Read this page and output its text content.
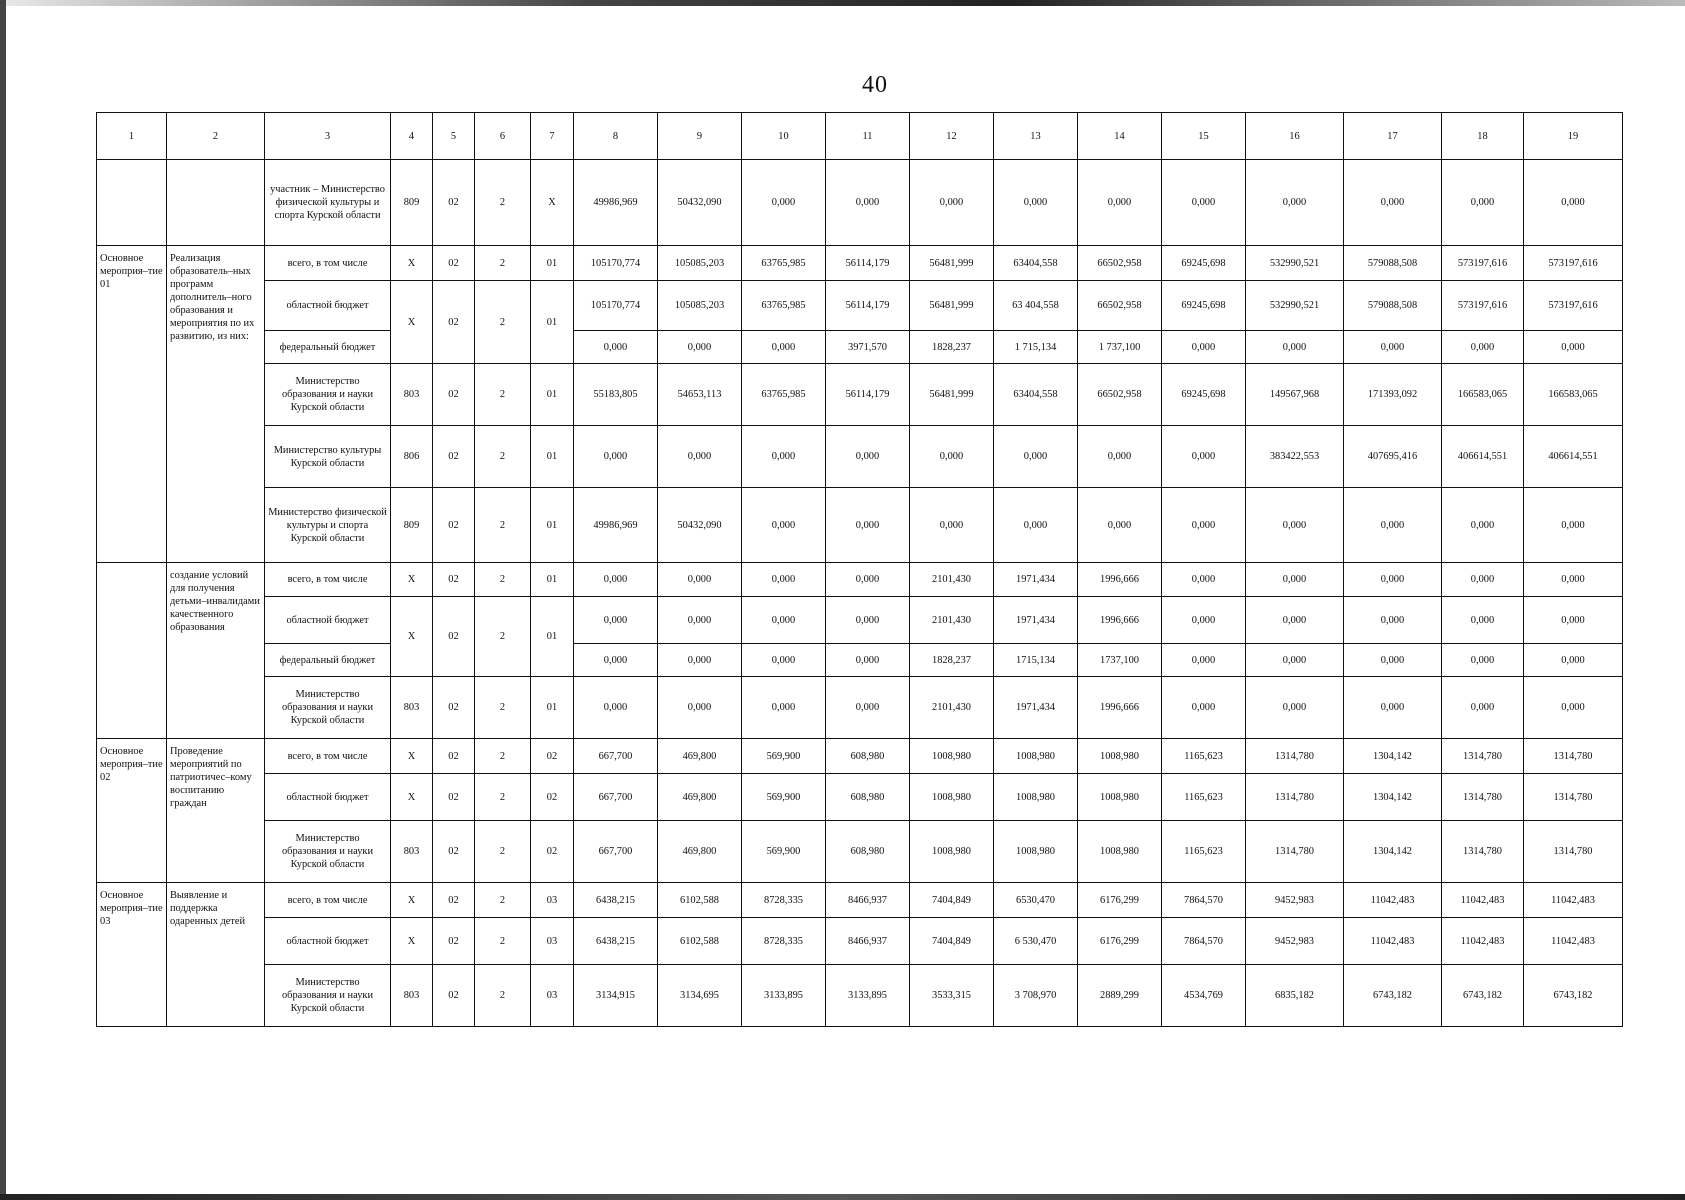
40
1	2	3	4	5	6	7	8	9	10	11	12	13	14	15	16	17	18	19
		участник – Министерство физической культуры и спорта Курской области	809	02	2	X	49986,969	50432,090	0,000	0,000	0,000	0,000	0,000	0,000	0,000	0,000	0,000	0,000
Основное мероприя–тие 01	Реализация образователь–ных программ дополнитель–ного образования и мероприятия по их развитию, из них:	всего, в том числе	X	02	2	01	105170,774	105085,203	63765,985	56114,179	56481,999	63404,558	66502,958	69245,698	532990,521	579088,508	573197,616	573197,616
		областной бюджет	X	02	2	01	105170,774	105085,203	63765,985	56114,179	56481,999	63 404,558	66502,958	69245,698	532990,521	579088,508	573197,616	573197,616
		федеральный бюджет					0,000	0,000	0,000	3971,570	1828,237	1 715,134	1 737,100	0,000	0,000	0,000	0,000	0,000
		Министерство образования и науки Курской области	803	02	2	01	55183,805	54653,113	63765,985	56114,179	56481,999	63404,558	66502,958	69245,698	149567,968	171393,092	166583,065	166583,065
		Министерство культуры Курской области	806	02	2	01	0,000	0,000	0,000	0,000	0,000	0,000	0,000	0,000	383422,553	407695,416	406614,551	406614,551
		Министерство физической культуры и спорта Курской области	809	02	2	01	49986,969	50432,090	0,000	0,000	0,000	0,000	0,000	0,000	0,000	0,000	0,000	0,000
	создание условий для получения детьми–инвалидами качественного образования	всего, в том числе	X	02	2	01	0,000	0,000	0,000	0,000	2101,430	1971,434	1996,666	0,000	0,000	0,000	0,000	0,000
		областной бюджет	X	02	2	01	0,000	0,000	0,000	0,000	2101,430	1971,434	1996,666	0,000	0,000	0,000	0,000	0,000
		федеральный бюджет					0,000	0,000	0,000	0,000	1828,237	1715,134	1737,100	0,000	0,000	0,000	0,000	0,000
		Министерство образования и науки Курской области	803	02	2	01	0,000	0,000	0,000	0,000	2101,430	1971,434	1996,666	0,000	0,000	0,000	0,000	0,000
Основное мероприя–тие 02	Проведение мероприятий по патриотичес–кому воспитанию граждан	всего, в том числе	X	02	2	02	667,700	469,800	569,900	608,980	1008,980	1008,980	1008,980	1165,623	1314,780	1304,142	1314,780	1314,780
		областной бюджет	X	02	2	02	667,700	469,800	569,900	608,980	1008,980	1008,980	1008,980	1165,623	1314,780	1304,142	1314,780	1314,780
		Министерство образования и науки Курской области	803	02	2	02	667,700	469,800	569,900	608,980	1008,980	1008,980	1008,980	1165,623	1314,780	1304,142	1314,780	1314,780
Основное мероприя–тие 03	Выявление и поддержка одаренных детей	всего, в том числе	X	02	2	03	6438,215	6102,588	8728,335	8466,937	7404,849	6530,470	6176,299	7864,570	9452,983	11042,483	11042,483	11042,483
		областной бюджет	X	02	2	03	6438,215	6102,588	8728,335	8466,937	7404,849	6 530,470	6176,299	7864,570	9452,983	11042,483	11042,483	11042,483
		Министерство образования и науки Курской области	803	02	2	03	3134,915	3134,695	3133,895	3133,895	3533,315	3 708,970	2889,299	4534,769	6835,182	6743,182	6743,182	6743,182
